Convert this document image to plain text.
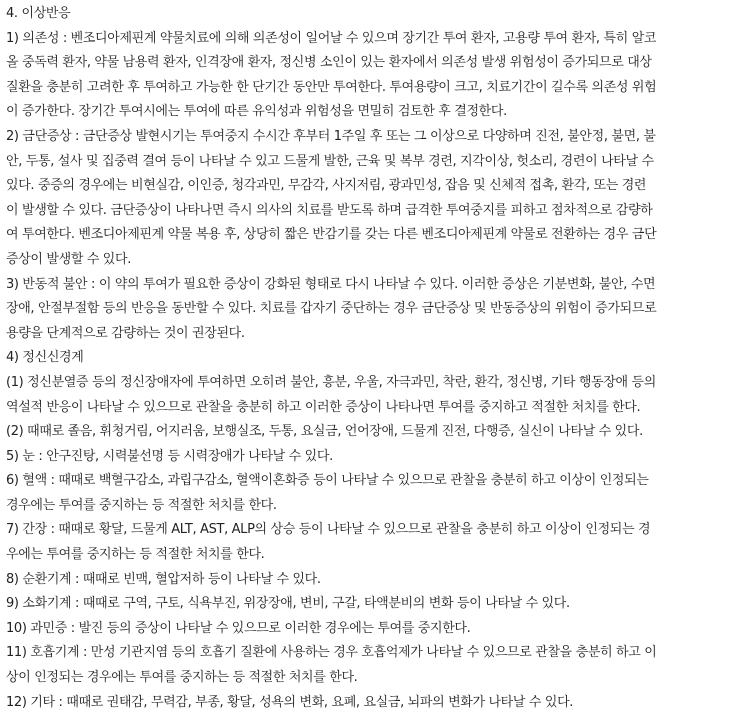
4. 이상반응
1) 의존성 : 벤조디아제핀계 약물치료에 의해 의존성이 일어날 수 있으며 장기간 투여 환자, 고용량 투여 환자, 특히 알코
올 중독력 환자, 약물 남용력 환자, 인격장애 환자, 정신병 소인이 있는 환자에서 의존성 발생 위험성이 증가되므로 대상
질환을 충분히 고려한 후 투여하고 가능한 한 단기간 동안만 투여한다. 투여용량이 크고, 치료기간이 길수록 의존성 위험
이 증가한다. 장기간 투여시에는 투여에 따른 유익성과 위험성을 면밀히 검토한 후 결정한다.
2) 금단증상 : 금단증상 발현시기는 투여중지 수시간 후부터 1주일 후 또는 그 이상으로 다양하며 진전, 불안정, 불면, 불
안, 두통, 설사 및 집중력 결여 등이 나타날 수 있고 드물게 발한, 근육 및 복부 경련, 지각이상, 헛소리, 경련이 나타날 수
있다. 중증의 경우에는 비현실감, 이인증, 청각과민, 무감각, 사지저림, 광과민성, 잡음 및 신체적 접촉, 환각, 또는 경련
이 발생할 수 있다. 금단증상이 나타나면 즉시 의사의 치료를 받도록 하며 급격한 투여중지를 피하고 점차적으로 감량하
여 투여한다. 벤조디아제핀계 약물 복용 후, 상당히 짧은 반감기를 갖는 다른 벤조디아제핀계 약물로 전환하는 경우 금단
증상이 발생할 수 있다.
3) 반동적 불안 : 이 약의 투여가 필요한 증상이 강화된 형태로 다시 나타날 수 있다. 이러한 증상은 기분변화, 불안, 수면
장애, 안절부절함 등의 반응을 동반할 수 있다. 치료를 갑자기 중단하는 경우 금단증상 및 반동증상의 위험이 증가되므로
용량을 단계적으로 감량하는 것이 권장된다.
4) 정신신경계
(1) 정신분열증 등의 정신장애자에 투여하면 오히려 불안, 흥분, 우울, 자극과민, 착란, 환각, 정신병, 기타 행동장애 등의
역설적 반응이 나타날 수 있으므로 관찰을 충분히 하고 이러한 증상이 나타나면 투여를 중지하고 적절한 처치를 한다.
(2) 때때로 졸음, 휘청거림, 어지러움, 보행실조, 두통, 요실금, 언어장애, 드물게 진전, 다행증, 실신이 나타날 수 있다.
5) 눈 : 안구진탕, 시력불선명 등 시력장애가 나타날 수 있다.
6) 혈액 : 때때로 백혈구감소, 과립구감소, 혈액이혼화증 등이 나타날 수 있으므로 관찰을 충분히 하고 이상이 인정되는
경우에는 투여를 중지하는 등 적절한 처치를 한다.
7) 간장 : 때때로 황달, 드물게 ALT, AST, ALP의 상승 등이 나타날 수 있으므로 관찰을 충분히 하고 이상이 인정되는 경
우에는 투여를 중지하는 등 적절한 처치를 한다.
8) 순환기계 : 때때로 빈맥, 혈압저하 등이 나타날 수 있다.
9) 소화기계 : 때때로 구역, 구토, 식욕부진, 위장장애, 변비, 구갈, 타액분비의 변화 등이 나타날 수 있다.
10) 과민증 : 발진 등의 증상이 나타날 수 있으므로 이러한 경우에는 투여를 중지한다.
11) 호흡기계 : 만성 기관지염 등의 호흡기 질환에 사용하는 경우 호흡억제가 나타날 수 있으므로 관찰을 충분히 하고 이
상이 인정되는 경우에는 투여를 중지하는 등 적절한 처치를 한다.
12) 기타 : 때때로 권태감, 무력감, 부종, 황달, 성욕의 변화, 요폐, 요실금, 뇌파의 변화가 나타날 수 있다.
